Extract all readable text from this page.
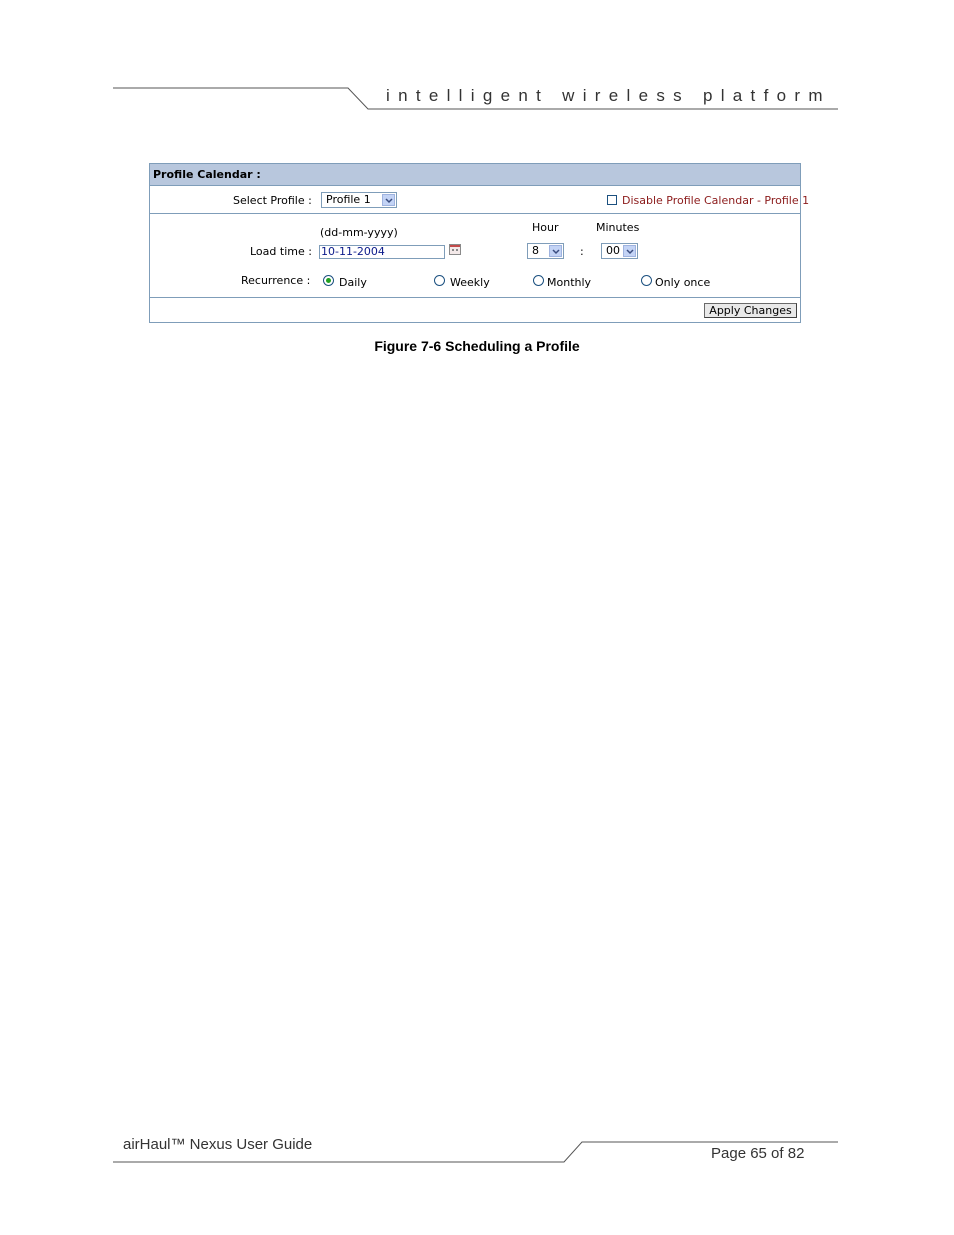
intelligent wireless platform
Profile Calendar :
Select Profile : Profile 1	Disable Profile Calendar - Profile 1
(dd-mm-yyyy)	Hour	Minutes
Load time : 10-11-2004	8	: 00
Recurrence :	Daily	Weekly	Monthly	Only once
Apply Changes
Figure 7-6 Scheduling a Profile
airHaul™ Nexus User Guide
Page 65 of 82
